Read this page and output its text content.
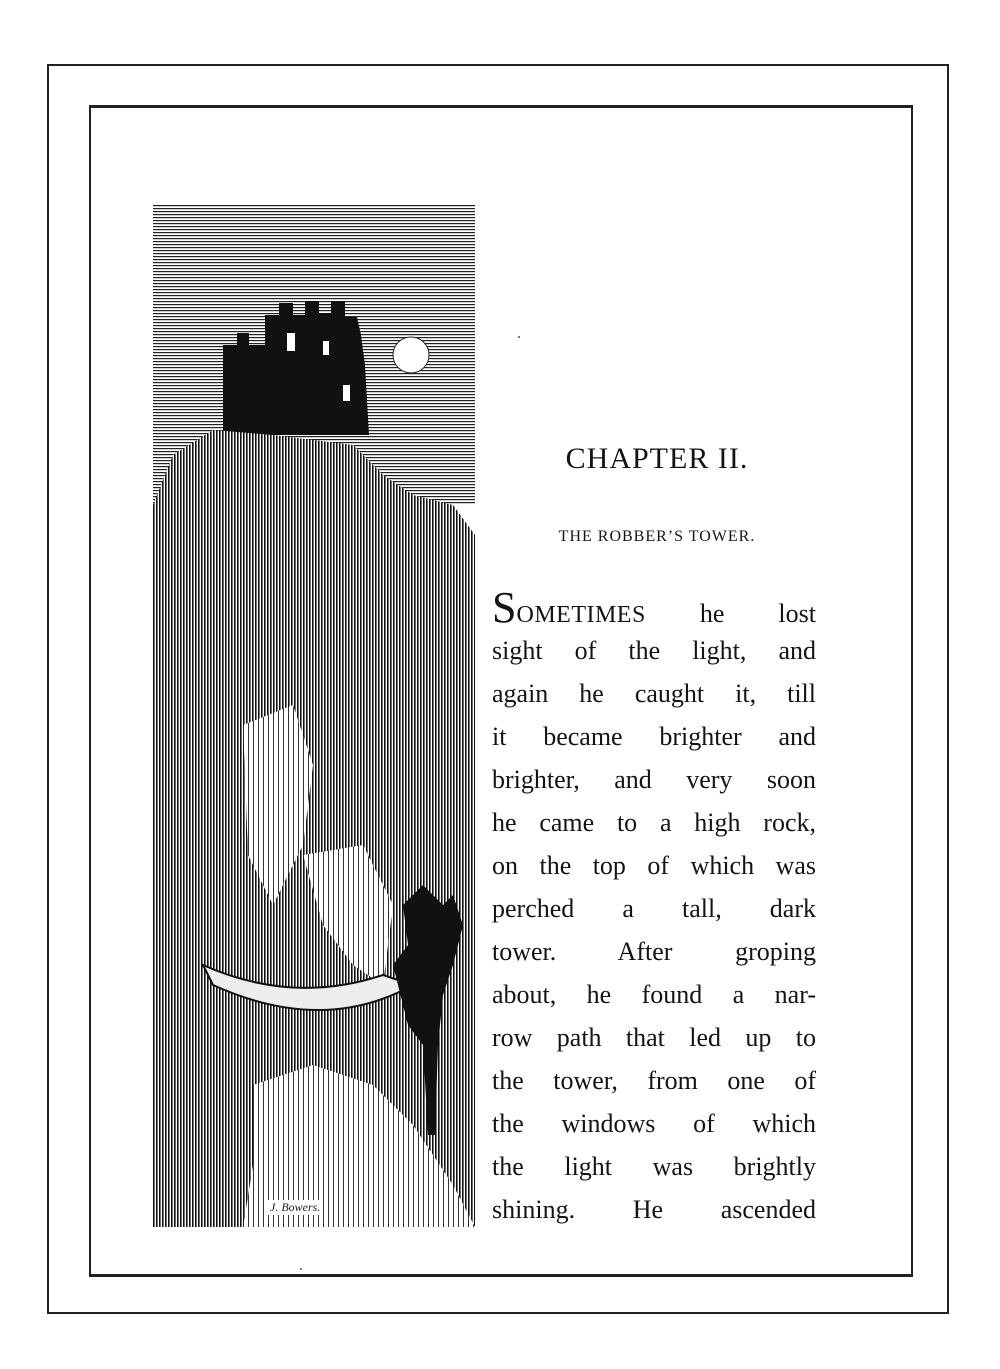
J. Bowers.
CHAPTER II.

THE ROBBER’S TOWER.

SOMETIMES he lost
sight of the light, and
again he caught it, till
it became brighter and
brighter, and very soon
he came to a high rock,
on the top of which was
perched a tall, dark
tower. After groping
about, he found a nar-
row path that led up to
the tower, from one of
the windows of which
the light was brightly
shining. He ascended
